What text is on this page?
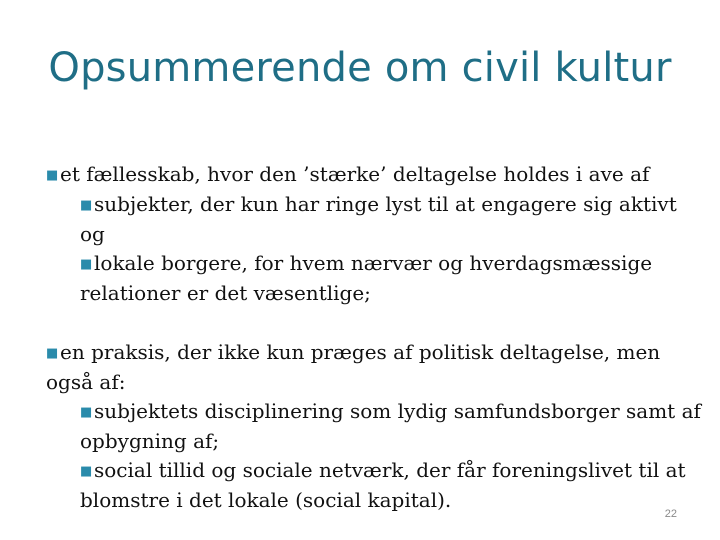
Opsummerende om civil kultur
■et fællesskab, hvor den ’stærke’ deltagelse holdes i ave af
■subjekter, der kun har ringe lyst til at engagere sig aktivt og
■lokale borgere, for hvem nærvær og hverdagsmæssige
relationer er det væsentlige;
■en praksis, der ikke kun præges af politisk deltagelse, men
også af:
■subjektets disciplinering som lydig samfundsborger samt af
opbygning af;
■social tillid og sociale netværk, der får foreningslivet til at
blomstre i det lokale (social kapital).
22
